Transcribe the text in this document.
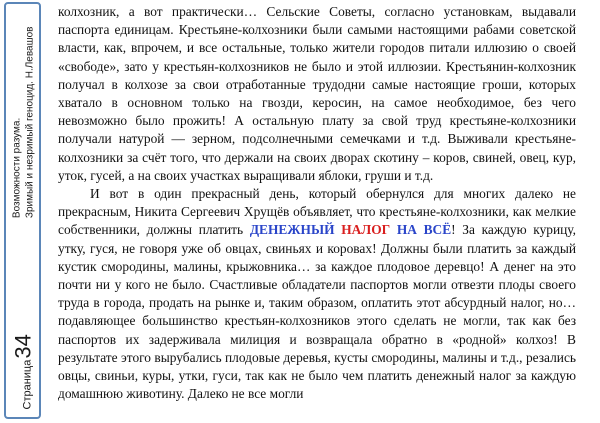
Страница
34
Возможности разума. Зримый и незримый геноцид. Н.Левашов

колхозник, а вот практически… Сельские Советы, согласно установкам, выдавали паспорта единицам. Крестьяне-колхозники были самыми настоящими рабами советской власти, как, впрочем, и все остальные, только жители городов питали иллюзию о своей «свободе», зато у крестьян-колхозников не было и этой иллюзии. Крестьянин-колхозник получал в колхозе за свои отработанные трудодни самые настоящие гроши, которых хватало в основном только на гвозди, керосин, на самое необходимое, без чего невозможно было прожить! А остальную плату за свой труд крестьяне-колхозники получали натурой — зерном, подсолнечными семечками и т.д. Выживали крестьяне-колхозники за счёт того, что держали на своих дворах скотину – коров, свиней, овец, кур, уток, гусей, а на своих участках выращивали яблоки, груши и т.д.

И вот в один прекрасный день, который обернулся для многих далеко не прекрасным, Никита Сергеевич Хрущёв объявляет, что крестьяне-колхозники, как мелкие собственники, должны платить ДЕНЕЖНЫЙ НАЛОГ НА ВСЁ! За каждую курицу, утку, гуся, не говоря уже об овцах, свиньях и коровах! Должны были платить за каждый кустик смородины, малины, крыжовника… за каждое плодовое деревцо! А денег на это почти ни у кого не было. Счастливые обладатели паспортов могли отвезти плоды своего труда в города, продать на рынке и, таким образом, оплатить этот абсурдный налог, но… подавляющее большинство крестьян-колхозников этого сделать не могли, так как без паспортов их задерживала милиция и возвращала обратно в «родной» колхоз! В результате этого вырубались плодовые деревья, кусты смородины, малины и т.д., резались овцы, свиньи, куры, утки, гуси, так как не было чем платить денежный налог за каждую домашнюю животину. Далеко не все могли
